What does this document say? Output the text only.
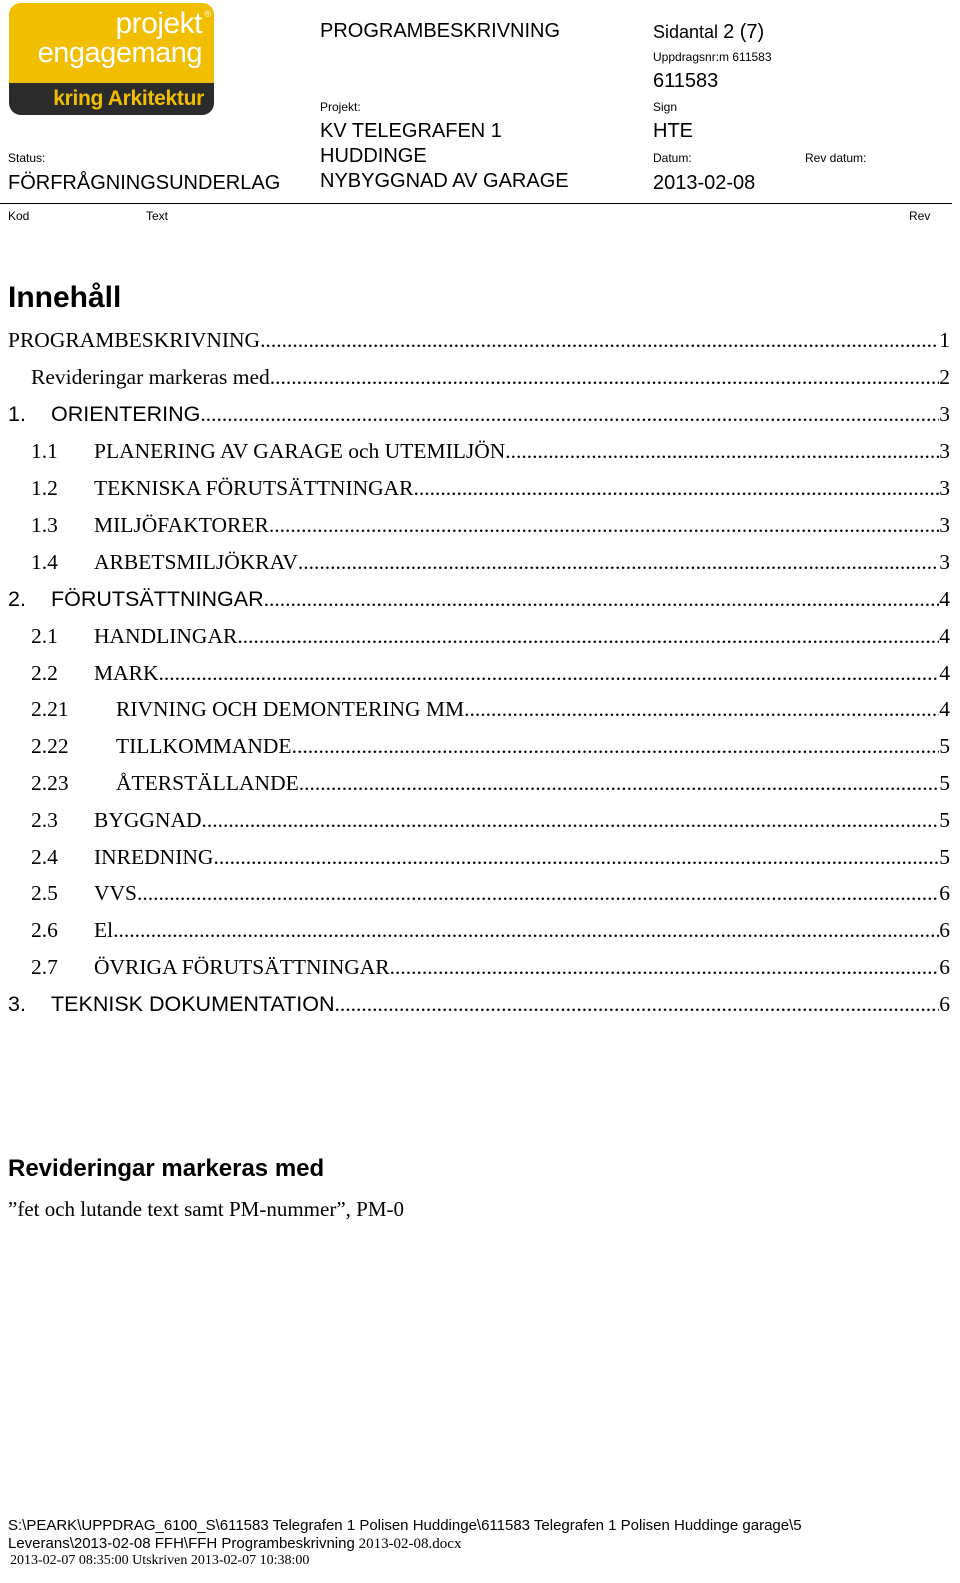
projekt ®
engagemang
kring Arkitektur
PROGRAMBESKRIVNING	Sidantal 2 (7)
Uppdragsnr:m 611583
611583
Projekt:	Sign
KV TELEGRAFEN 1	HTE
Status:	HUDDINGE	Datum:	Rev datum:
FÖRFRÅGNINGSUNDERLAG NYBYGGNAD AV GARAGE	2013-02-08
Kod	Text	Rev
Innehåll
PROGRAMBESKRIVNING .....	1
Revideringar markeras med .....	2
1.	ORIENTERING .....	3
1.1	PLANERING AV GARAGE och UTEMILJÖN .....	3
1.2	TEKNISKA FÖRUTSÄTTNINGAR .....	3
1.3	MILJÖFAKTORER .....	3
1.4	ARBETSMILJÖKRAV .....	3
2.	FÖRUTSÄTTNINGAR .....	4
2.1	HANDLINGAR .....	4
2.2	MARK .....	4
2.21	RIVNING OCH DEMONTERING MM .....	4
2.22	TILLKOMMANDE .....	5
2.23	ÅTERSTÄLLANDE .....	5
2.3	BYGGNAD .....	5
2.4	INREDNING .....	5
2.5	VVS .....	6
2.6	El .....	6
2.7	ÖVRIGA FÖRUTSÄTTNINGAR .....	6
3.	TEKNISK DOKUMENTATION .....	6
Revideringar markeras med
”fet och lutande text samt PM-nummer”, PM-0
S:\PEARK\UPPDRAG_6100_S\611583 Telegrafen 1 Polisen Huddinge\611583 Telegrafen 1 Polisen Huddinge garage\5
Leverans\2013-02-08 FFH\FFH Programbeskrivning 2013-02-08.docx
2013-02-07 08:35:00 Utskriven 2013-02-07 10:38:00
